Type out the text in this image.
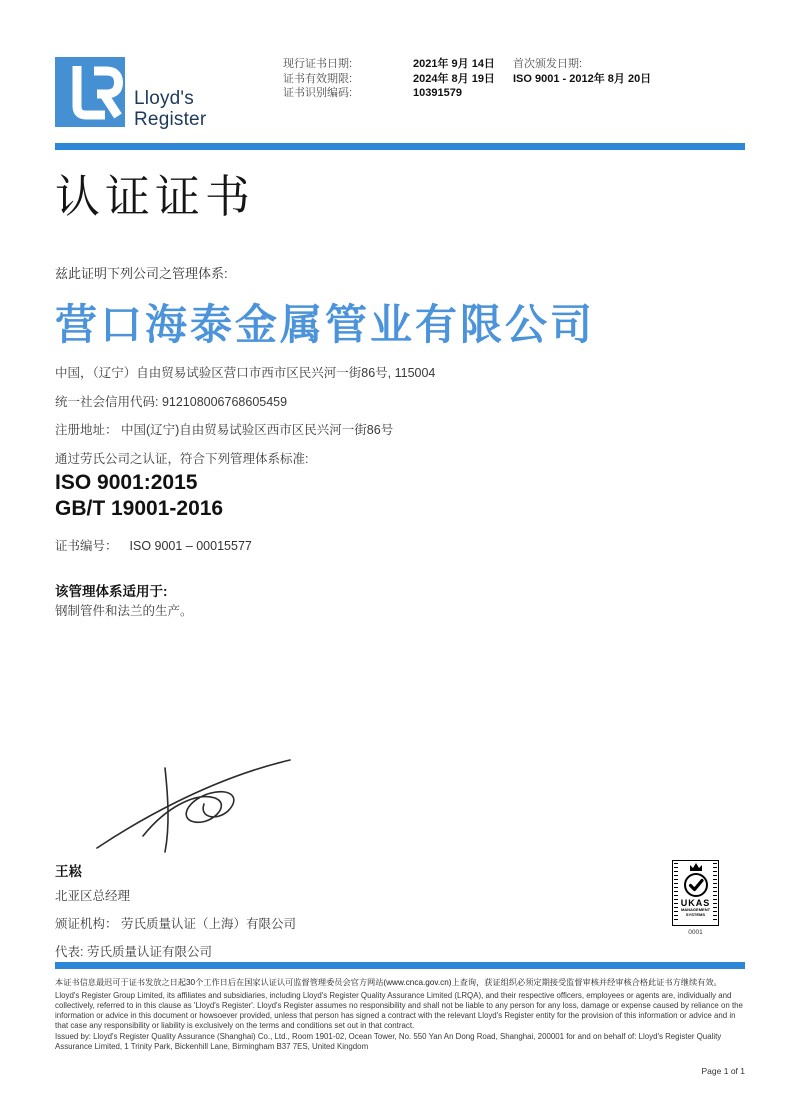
Lloyd's
Register
现行证书日期:
证书有效期限:
证书识别编码:
2021年 9月 14日
2024年 8月 19日
10391579
首次颁发日期:
ISO 9001 - 2012年 8月 20日
认证证书
兹此证明下列公司之管理体系:
营口海泰金属管业有限公司
中国，（辽宁）自由贸易试验区营口市西市区民兴河一街86号, 115004
统一社会信用代码: 912108006768605459
注册地址： 中国(辽宁)自由贸易试验区西市区民兴河一街86号
通过劳氏公司之认证，符合下列管理体系标准:
ISO 9001:2015
GB/T 19001-2016
证书编号： ISO 9001 – 00015577
该管理体系适用于:
钢制管件和法兰的生产。
王崧
北亚区总经理
颁证机构： 劳氏质量认证（上海）有限公司
代表: 劳氏质量认证有限公司
UKAS
MANAGEMENT
SYSTEMS
0001
本证书信息最迟可于证书发放之日起30个工作日后在国家认证认可监督管理委员会官方网站(www.cnca.gov.cn)上查询，获证组织必须定期接受监督审核并经审核合格此证书方继续有效。
Lloyd's Register Group Limited, its affiliates and subsidiaries, including Lloyd's Register Quality Assurance Limited (LRQA), and their respective officers, employees or agents are, individually and collectively, referred to in this clause as 'Lloyd's Register'. Lloyd's Register assumes no responsibility and shall not be liable to any person for any loss, damage or expense caused by reliance on the information or advice in this document or howsoever provided, unless that person has signed a contract with the relevant Lloyd's Register entity for the provision of this information or advice and in that case any responsibility or liability is exclusively on the terms and conditions set out in that contract.
Issued by: Lloyd's Register Quality Assurance (Shanghai) Co., Ltd., Room 1901-02, Ocean Tower, No. 550 Yan An Dong Road, Shanghai, 200001 for and on behalf of: Lloyd's Register Quality Assurance Limited, 1 Trinity Park, Bickenhill Lane, Birmingham B37 7ES, United Kingdom
Page 1 of 1
